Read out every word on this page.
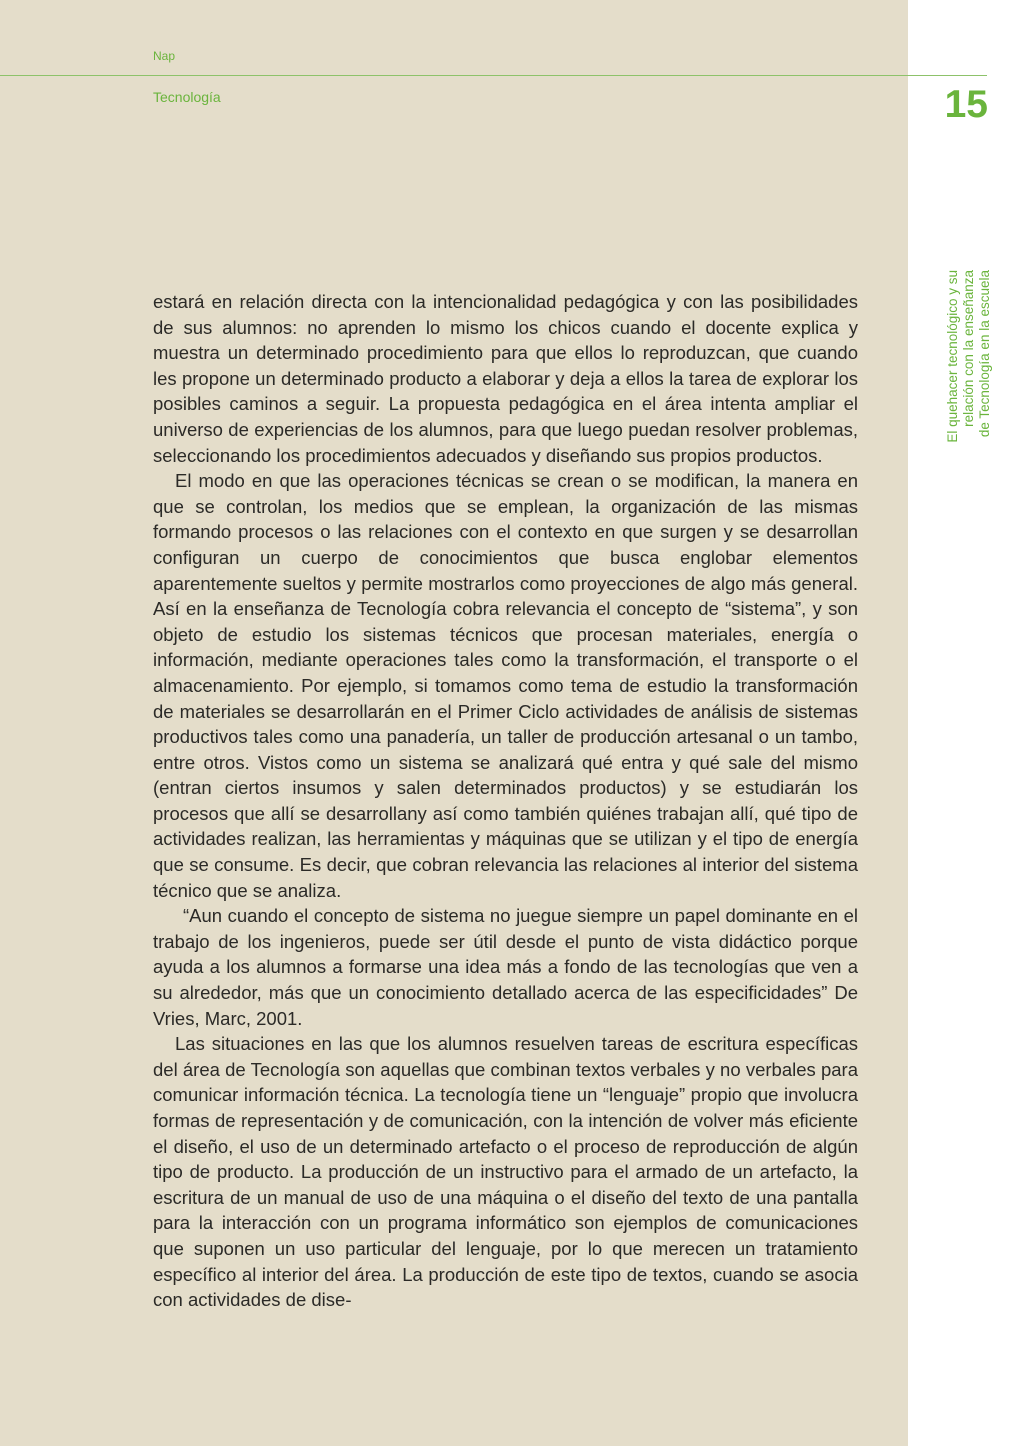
Nap
Tecnología	15
El quehacer tecnológico y su relación con la enseñanza de Tecnología en la escuela

estará en relación directa con la intencionalidad pedagógica y con las posibilidades de sus alumnos: no aprenden lo mismo los chicos cuando el docente explica y muestra un determinado procedimiento para que ellos lo reproduzcan, que cuando les propone un determinado producto a elaborar y deja a ellos la tarea de explorar los posibles caminos a seguir. La propuesta pedagógica en el área intenta ampliar el universo de experiencias de los alumnos, para que luego puedan resolver problemas, seleccionando los procedimientos adecuados y diseñando sus propios productos.

El modo en que las operaciones técnicas se crean o se modifican, la manera en que se controlan, los medios que se emplean, la organización de las mismas formando procesos o las relaciones con el contexto en que surgen y se desarrollan configuran un cuerpo de conocimientos que busca englobar elementos aparentemente sueltos y permite mostrarlos como proyecciones de algo más general. Así en la enseñanza de Tecnología cobra relevancia el concepto de “sistema”, y son objeto de estudio los sistemas técnicos que procesan materiales, energía o información, mediante operaciones tales como la transformación, el transporte o el almacenamiento. Por ejemplo, si tomamos como tema de estudio la transformación de materiales se desarrollarán en el Primer Ciclo actividades de análisis de sistemas productivos tales como una panadería, un taller de producción artesanal o un tambo, entre otros. Vistos como un sistema se analizará qué entra y qué sale del mismo (entran ciertos insumos y salen determinados productos) y se estudiarán los procesos que allí se desarrollany así como también quiénes trabajan allí, qué tipo de actividades realizan, las herramientas y máquinas que se utilizan y el tipo de energía que se consume. Es decir, que cobran relevancia las relaciones al interior del sistema técnico que se analiza.

“Aun cuando el concepto de sistema no juegue siempre un papel dominante en el trabajo de los ingenieros, puede ser útil desde el punto de vista didáctico porque ayuda a los alumnos a formarse una idea más a fondo de las tecnologías que ven a su alrededor, más que un conocimiento detallado acerca de las especificidades” De Vries, Marc, 2001.

Las situaciones en las que los alumnos resuelven tareas de escritura específicas del área de Tecnología son aquellas que combinan textos verbales y no verbales para comunicar información técnica. La tecnología tiene un “lenguaje” propio que involucra formas de representación y de comunicación, con la intención de volver más eficiente el diseño, el uso de un determinado artefacto o el proceso de reproducción de algún tipo de producto. La producción de un instructivo para el armado de un artefacto, la escritura de un manual de uso de una máquina o el diseño del texto de una pantalla para la interacción con un programa informático son ejemplos de comunicaciones que suponen un uso particular del lenguaje, por lo que merecen un tratamiento específico al interior del área. La producción de este tipo de textos, cuando se asocia con actividades de dise-
